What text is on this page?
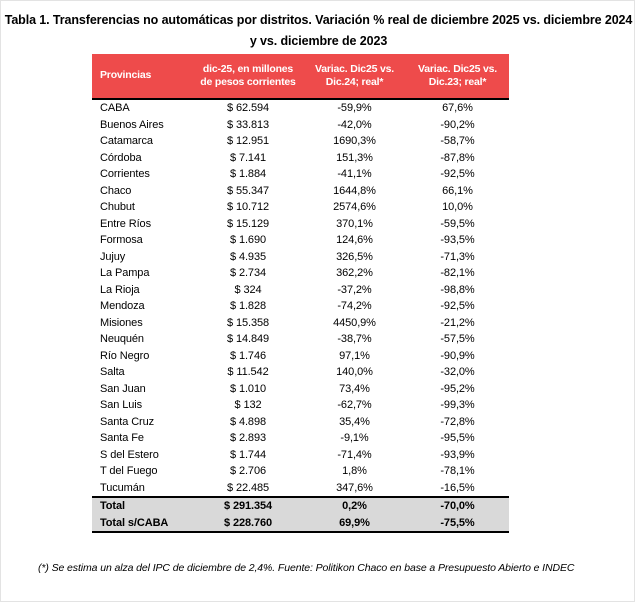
Tabla 1. Transferencias no automáticas por distritos. Variación % real de diciembre 2025 vs. diciembre 2024
y vs. diciembre de 2023
Provincias	dic-25, en millones de pesos corrientes	Variac. Dic25 vs. Dic.24; real*	Variac. Dic25 vs. Dic.23; real*

CABA	$ 62.594	-59,9%	67,6%
Buenos Aires	$ 33.813	-42,0%	-90,2%
Catamarca	$ 12.951	1690,3%	-58,7%
Córdoba	$ 7.141	151,3%	-87,8%
Corrientes	$ 1.884	-41,1%	-92,5%
Chaco	$ 55.347	1644,8%	66,1%
Chubut	$ 10.712	2574,6%	10,0%
Entre Ríos	$ 15.129	370,1%	-59,5%
Formosa	$ 1.690	124,6%	-93,5%
Jujuy	$ 4.935	326,5%	-71,3%
La Pampa	$ 2.734	362,2%	-82,1%
La Rioja	$ 324	-37,2%	-98,8%
Mendoza	$ 1.828	-74,2%	-92,5%
Misiones	$ 15.358	4450,9%	-21,2%
Neuquén	$ 14.849	-38,7%	-57,5%
Río Negro	$ 1.746	97,1%	-90,9%
Salta	$ 11.542	140,0%	-32,0%
San Juan	$ 1.010	73,4%	-95,2%
San Luis	$ 132	-62,7%	-99,3%
Santa Cruz	$ 4.898	35,4%	-72,8%
Santa Fe	$ 2.893	-9,1%	-95,5%
S del Estero	$ 1.744	-71,4%	-93,9%
T del Fuego	$ 2.706	1,8%	-78,1%
Tucumán	$ 22.485	347,6%	-16,5%
Total	$ 291.354	0,2%	-70,0%
Total s/CABA	$ 228.760	69,9%	-75,5%
(*) Se estima un alza del IPC de diciembre de 2,4%. Fuente: Politikon Chaco en base a Presupuesto Abierto e INDEC
